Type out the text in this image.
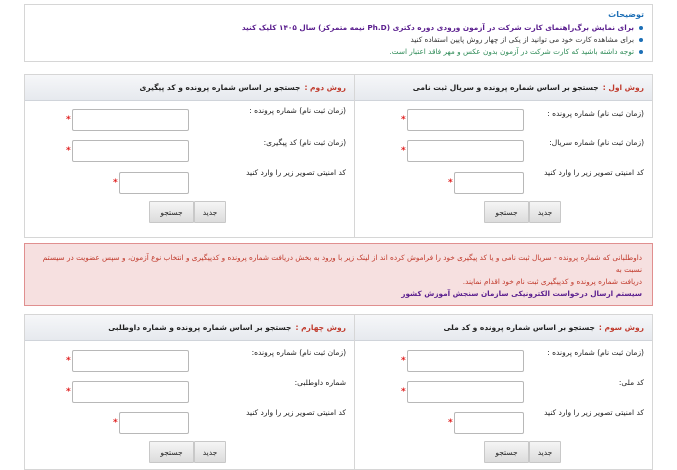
توضیحات
برای نمایش برگ‌راهنمای کارت شرکت در آزمون ورودی دوره دکتری (Ph.D نیمه متمرکز) سال ۱۴۰۵ کلیک کنید
برای مشاهده کارت خود می توانید از یکی از چهار روش پایین استفاده کنید
توجه داشته باشید که کارت شرکت در آزمون بدون عکس و مهر فاقد اعتبار است.
روش اول :
جستجو بر اساس شماره پرونده و سریال ثبت نامی
(زمان ثبت نام) شماره پرونده :
*
(زمان ثبت نام) شماره سریال:
*
کد امنیتی تصویر زیر را وارد کنید
*
جدید
جستجو
روش دوم :
جستجو بر اساس شماره پرونده و کد پیگیری
(زمان ثبت نام) شماره پرونده :
*
(زمان ثبت نام) کد پیگیری:
*
کد امنیتی تصویر زیر را وارد کنید
*
جدید
جستجو
داوطلبانی که شماره پرونده - سریال ثبت نامی و یا کد پیگیری خود را فراموش کرده اند از لینک زیر با ورود به بخش دریافت شماره پرونده و کدپیگیری و انتخاب نوع آزمون، و سپس عضویت در سیستم نسبت به
دریافت شماره پرونده و کدپیگیری ثبت نام خود اقدام نمایند.
سیستم ارسال درخواست الکترونیکی سازمان سنجش آموزش کشور
روش سوم :
جستجو بر اساس شماره پرونده و کد ملی
(زمان ثبت نام) شماره پرونده :
*
کد ملی:
*
کد امنیتی تصویر زیر را وارد کنید
*
جدید
جستجو
روش چهارم :
جستجو بر اساس شماره پرونده و شماره داوطلبی
(زمان ثبت نام) شماره پرونده:
*
شماره داوطلبی:
*
کد امنیتی تصویر زیر را وارد کنید
*
جدید
جستجو
